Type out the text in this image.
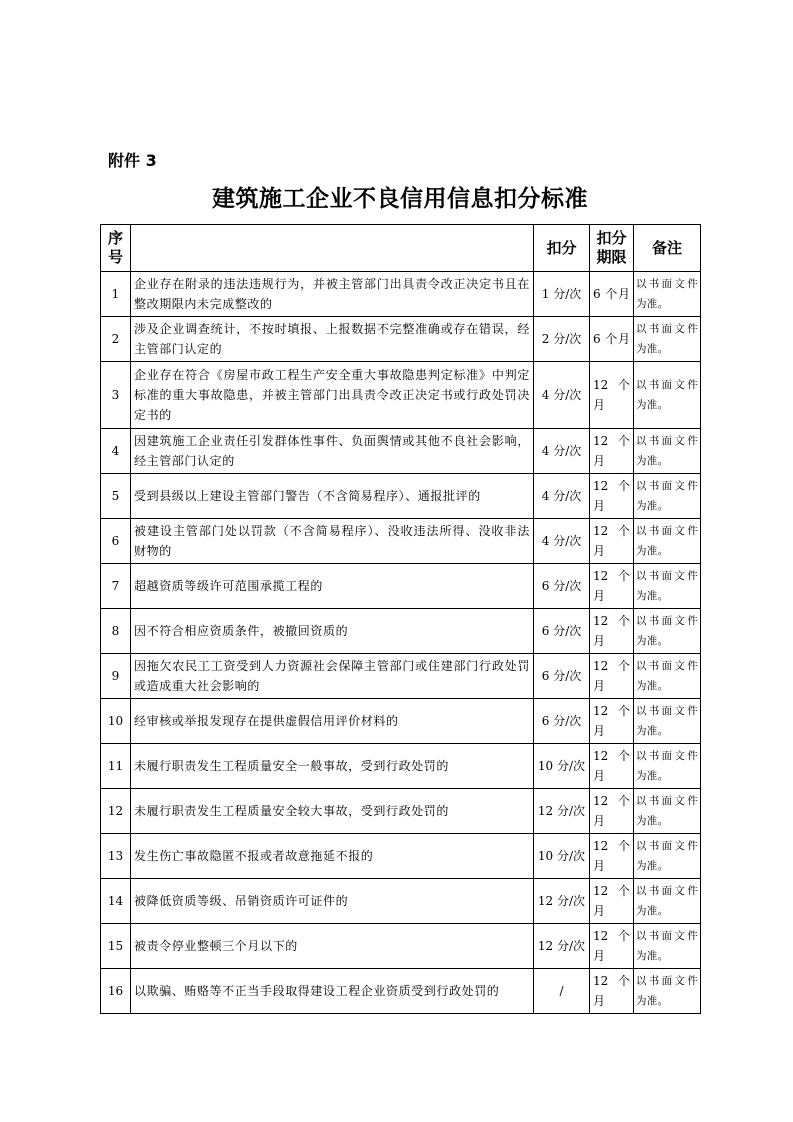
附件 3
建筑施工企业不良信用信息扣分标准
序号		扣分	扣分期限	备注
1	企业存在附录的违法违规行为，并被主管部门出具责令改正决定书且在整改期限内未完成整改的	1 分/次	6 个月	以书面文件为准。
2	涉及企业调查统计，不按时填报、上报数据不完整准确或存在错误，经主管部门认定的	2 分/次	6 个月	以书面文件为准。
3	企业存在符合《房屋市政工程生产安全重大事故隐患判定标准》中判定标准的重大事故隐患，并被主管部门出具责令改正决定书或行政处罚决定书的	4 分/次	12 个月	以书面文件为准。
4	因建筑施工企业责任引发群体性事件、负面舆情或其他不良社会影响，经主管部门认定的	4 分/次	12 个月	以书面文件为准。
5	受到县级以上建设主管部门警告（不含简易程序）、通报批评的	4 分/次	12 个月	以书面文件为准。
6	被建设主管部门处以罚款（不含简易程序）、没收违法所得、没收非法财物的	4 分/次	12 个月	以书面文件为准。
7	超越资质等级许可范围承揽工程的	6 分/次	12 个月	以书面文件为准。
8	因不符合相应资质条件，被撤回资质的	6 分/次	12 个月	以书面文件为准。
9	因拖欠农民工工资受到人力资源社会保障主管部门或住建部门行政处罚或造成重大社会影响的	6 分/次	12 个月	以书面文件为准。
10	经审核或举报发现存在提供虚假信用评价材料的	6 分/次	12 个月	以书面文件为准。
11	未履行职责发生工程质量安全一般事故，受到行政处罚的	10 分/次	12 个月	以书面文件为准。
12	未履行职责发生工程质量安全较大事故，受到行政处罚的	12 分/次	12 个月	以书面文件为准。
13	发生伤亡事故隐匿不报或者故意拖延不报的	10 分/次	12 个月	以书面文件为准。
14	被降低资质等级、吊销资质许可证件的	12 分/次	12 个月	以书面文件为准。
15	被责令停业整顿三个月以下的	12 分/次	12 个月	以书面文件为准。
16	以欺骗、贿赂等不正当手段取得建设工程企业资质受到行政处罚的	/	12 个月	以书面文件为准。
